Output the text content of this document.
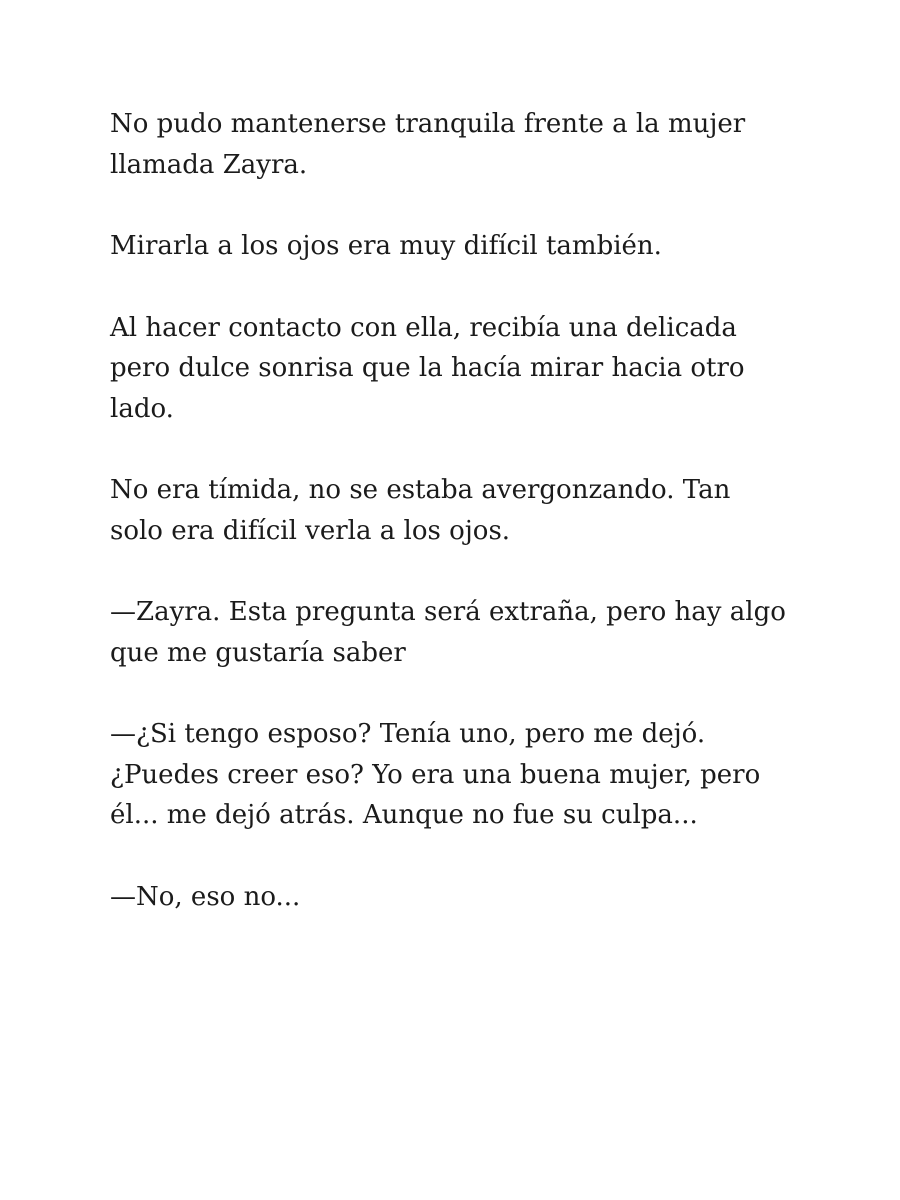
No pudo mantenerse tranquila frente a la mujer llamada Zayra.

Mirarla a los ojos era muy difícil también.

Al hacer contacto con ella, recibía una delicada pero dulce sonrisa que la hacía mirar hacia otro lado.

No era tímida, no se estaba avergonzando. Tan solo era difícil verla a los ojos.

—Zayra. Esta pregunta será extraña, pero hay algo que me gustaría saber

—¿Si tengo esposo? Tenía uno, pero me dejó. ¿Puedes creer eso? Yo era una buena mujer, pero él... me dejó atrás. Aunque no fue su culpa...

—No, eso no...
